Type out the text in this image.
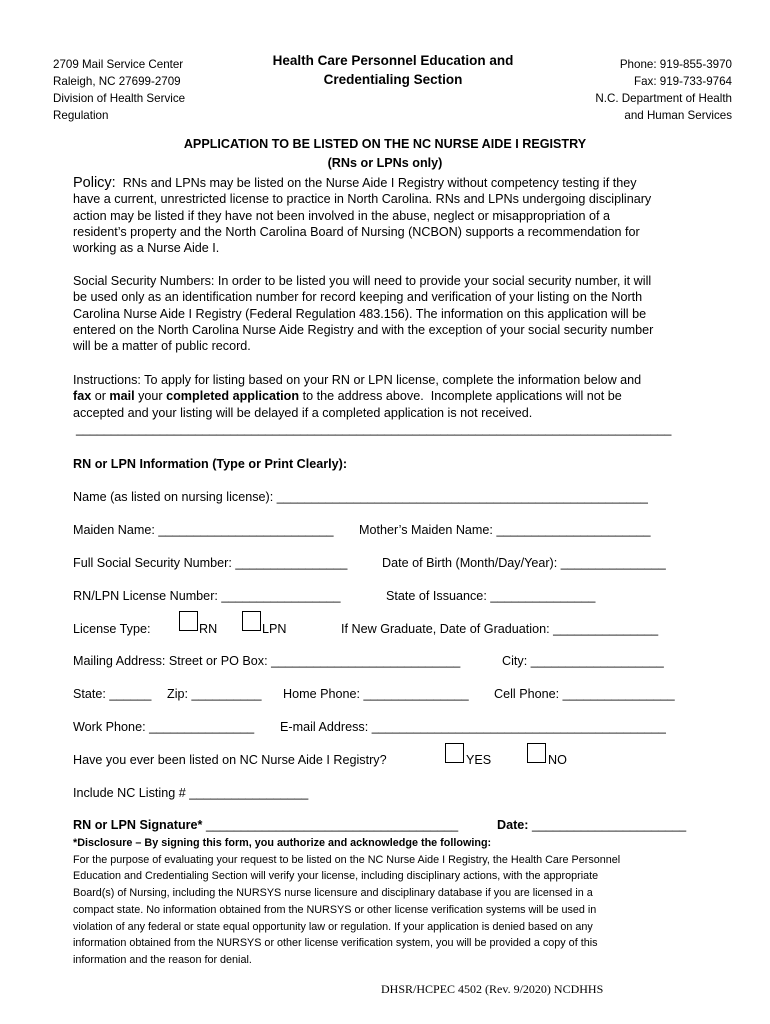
2709 Mail Service Center
Raleigh, NC 27699-2709
Division of Health Service
Regulation
Health Care Personnel Education and
Credentialing Section
Phone: 919-855-3970
Fax: 919-733-9764
N.C. Department of Health
and Human Services
APPLICATION TO BE LISTED ON THE NC NURSE AIDE I REGISTRY
(RNs or LPNs only)
Policy:  RNs and LPNs may be listed on the Nurse Aide I Registry without competency testing if they
have a current, unrestricted license to practice in North Carolina. RNs and LPNs undergoing disciplinary
action may be listed if they have not been involved in the abuse, neglect or misappropriation of a
resident’s property and the North Carolina Board of Nursing (NCBON) supports a recommendation for
working as a Nurse Aide I.
Social Security Numbers: In order to be listed you will need to provide your social security number, it will
be used only as an identification number for record keeping and verification of your listing on the North
Carolina Nurse Aide I Registry (Federal Regulation 483.156). The information on this application will be
entered on the North Carolina Nurse Aide Registry and with the exception of your social security number
will be a matter of public record.
Instructions: To apply for listing based on your RN or LPN license, complete the information below and
fax or mail your completed application to the address above.  Incomplete applications will not be
accepted and your listing will be delayed if a completed application is not received.
_____________________________________________________________________________________
RN or LPN Information (Type or Print Clearly):
Name (as listed on nursing license): _____________________________________________________
Maiden Name: _________________________ Mother’s Maiden Name: ______________________
Full Social Security Number: ________________	Date of Birth (Month/Day/Year): _______________
RN/LPN License Number: _________________	State of Issuance: _______________
License Type:	RN	LPN	If New Graduate, Date of Graduation: _______________
Mailing Address: Street or PO Box: ___________________________	City: ___________________
State: ______ Zip: __________ Home Phone: _______________ Cell Phone: ________________
Work Phone: _______________ E-mail Address: __________________________________________
Have you ever been listed on NC Nurse Aide I Registry?	YES	NO
Include NC Listing # _________________
RN or LPN Signature* ____________________________________	Date: ______________________
*Disclosure – By signing this form, you authorize and acknowledge the following:
For the purpose of evaluating your request to be listed on the NC Nurse Aide I Registry, the Health Care Personnel
Education and Credentialing Section will verify your license, including disciplinary actions, with the appropriate
Board(s) of Nursing, including the NURSYS nurse licensure and disciplinary database if you are licensed in a
compact state. No information obtained from the NURSYS or other license verification systems will be used in
violation of any federal or state equal opportunity law or regulation. If your application is denied based on any
information obtained from the NURSYS or other license verification system, you will be provided a copy of this
information and the reason for denial.
DHSR/HCPEC 4502 (Rev. 9/2020) NCDHHS
